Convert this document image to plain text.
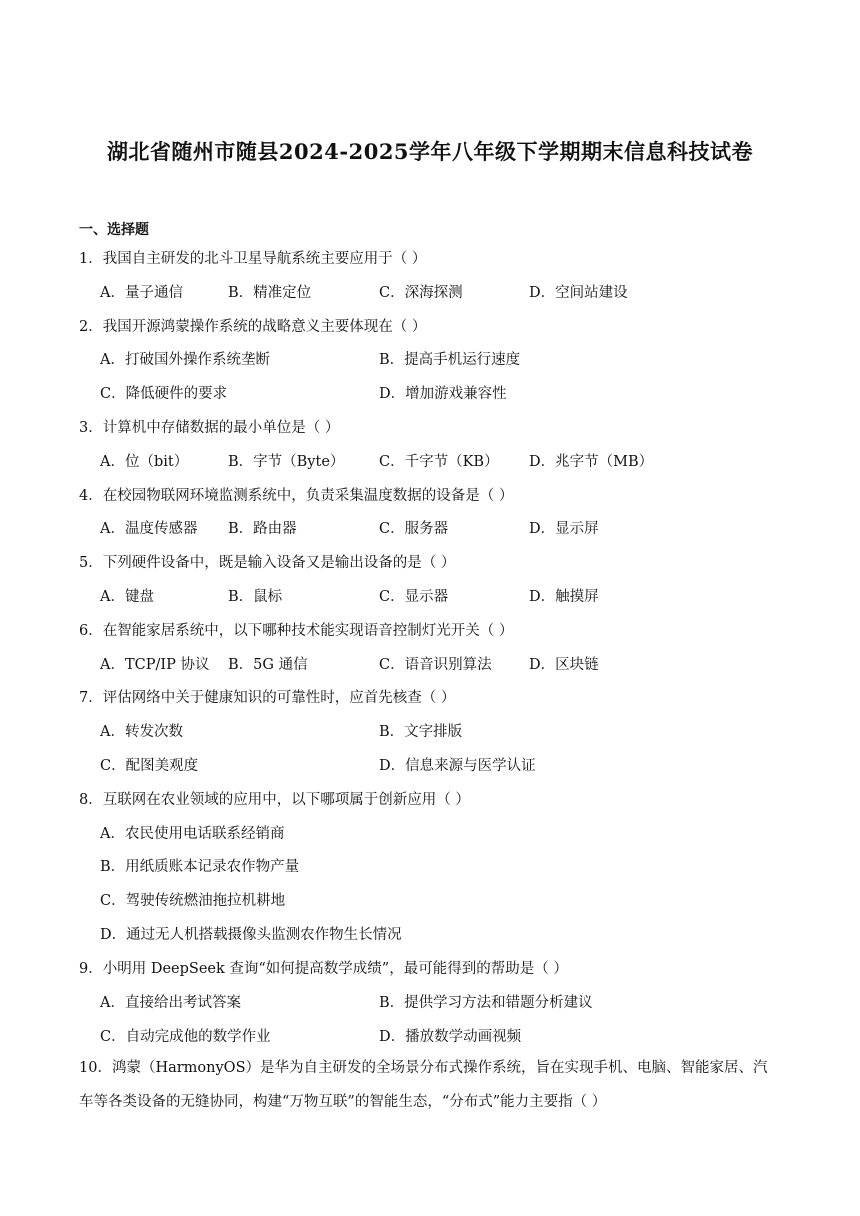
湖北省随州市随县2024-2025学年八年级下学期期末信息科技试卷
一、选择题
1．我国自主研发的北斗卫星导航系统主要应用于（ ）
A．量子通信	B．精准定位	C．深海探测	D．空间站建设
2．我国开源鸿蒙操作系统的战略意义主要体现在（ ）
A．打破国外操作系统垄断	B．提高手机运行速度
C．降低硬件的要求	D．增加游戏兼容性
3．计算机中存储数据的最小单位是（ ）
A．位（bit）	B．字节（Byte） C．千字节（KB） D．兆字节（MB）
4．在校园物联网环境监测系统中，负责采集温度数据的设备是（ ）
A．温度传感器 B．路由器	C．服务器	D．显示屏
5．下列硬件设备中，既是输入设备又是输出设备的是（ ）
A．键盘	B．鼠标	C．显示器	D．触摸屏
6．在智能家居系统中，以下哪种技术能实现语音控制灯光开关（ ）
A．TCP/IP 协议 B．5G 通信	C．语音识别算法	D．区块链
7．评估网络中关于健康知识的可靠性时，应首先核查（ ）
A．转发次数	B．文字排版
C．配图美观度	D．信息来源与医学认证
8．互联网在农业领域的应用中，以下哪项属于创新应用（ ）
A．农民使用电话联系经销商
B．用纸质账本记录农作物产量
C．驾驶传统燃油拖拉机耕地
D．通过无人机搭载摄像头监测农作物生长情况
9．小明用 DeepSeek 查询“如何提高数学成绩”，最可能得到的帮助是（ ）
A．直接给出考试答案	B．提供学习方法和错题分析建议
C．自动完成他的数学作业	D．播放数学动画视频
10．鸿蒙（HarmonyOS）是华为自主研发的全场景分布式操作系统，旨在实现手机、电脑、智能家居、汽车等各类设备的无缝协同，构建“万物互联”的智能生态，“分布式”能力主要指（ ）
